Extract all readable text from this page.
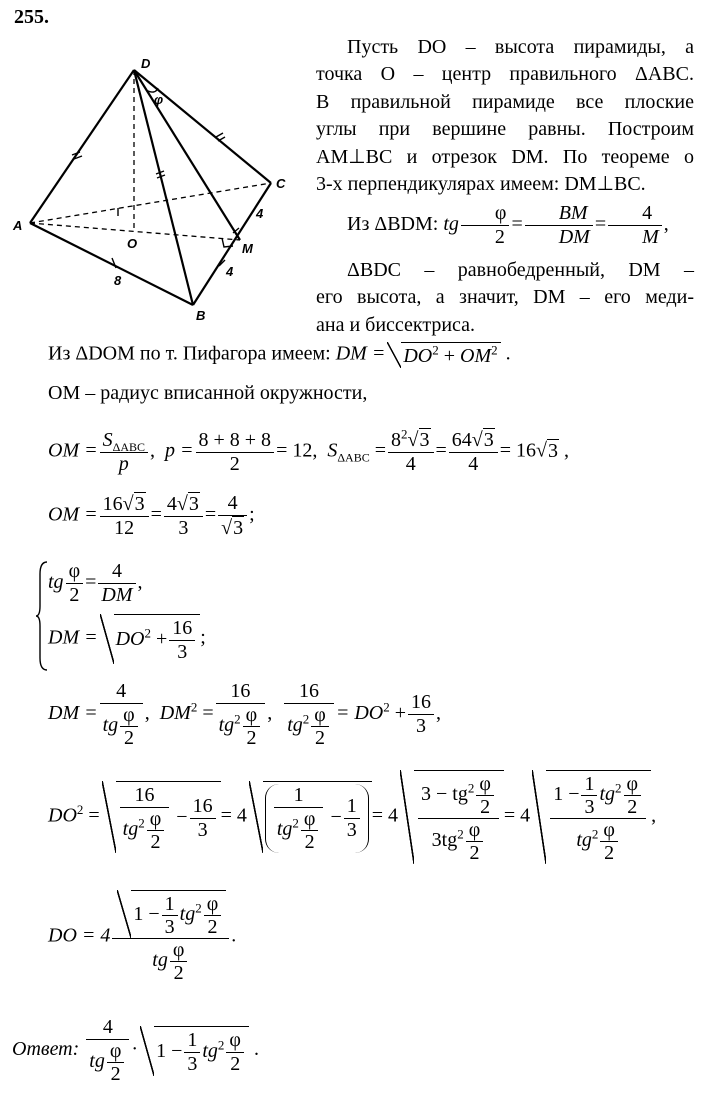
255.
D
A
B
C
O	M
φ
8
4
4

Пусть DO – высота пирамиды, а

точка O – центр правильного ΔABC.

В правильной пирамиде все плоские

углы при вершине равны. Построим

AM⊥BC и отрезок DM. По теореме о

3-х перпендикулярах имеем: DM⊥BC.

Из ΔBDM: tg $\frac{\varphi}{2} = \frac{BM}{DM} = \frac{4}{M}$ ,

ΔBDC – равнобедренный, DM –

его высота, а значит, DM – его меди-

ана и биссектриса.

Из ΔDOM по т. Пифагора имеем: DM = $DO^2 + OM^2$ .
OM – радиус вписанной окружности,
OM = $\frac{S_{\Delta ABC}}{p}$ ,  $p = \frac{8 + 8 + 8}{2} = 12$,  $S_{\Delta ABC} = \frac{8^2√3}{4} = \frac{64√3}{4} = 16√3$ ,
OM = $\frac{16√3}{12} = \frac{4√3}{3} = \frac{4}{√3}$ ;
tg $\frac{\varphi}{2} = \frac{4}{DM}$ ,
DM = $DO^2 + \frac{16}{3}$ ;
DM = $\frac{4}{tg \frac{\varphi}{2}}$ ,  $DM^2 = \frac{16}{tg^2 \frac{\varphi}{2}}$ , $\frac{16}{tg^2 \frac{\varphi}{2}} = DO^2 + \frac{16}{3}$ ,
$DO^2 = \frac{16}{tg^2 \frac{\varphi}{2}} - \frac{16}{3} = 4 \frac{1}{tg^2 \frac{\varphi}{2}} - \frac{1}{3} = 4 \frac{3 - tg^2 \frac{\varphi}{2}}{3tg^2 \frac{\varphi}{2}} = 4 \frac{1 - \frac{1}{3} tg^2 \frac{\varphi}{2}}{tg^2 \frac{\varphi}{2}}$ ,
DO = $4 \frac{1 - \frac{1}{3} tg^2 \frac{\varphi}{2}}{tg \frac{\varphi}{2}}$ .
Ответ: $\frac{4}{tg \frac{\varphi}{2}} \cdot 1 - \frac{1}{3} tg^2 \frac{\varphi}{2}$ .
